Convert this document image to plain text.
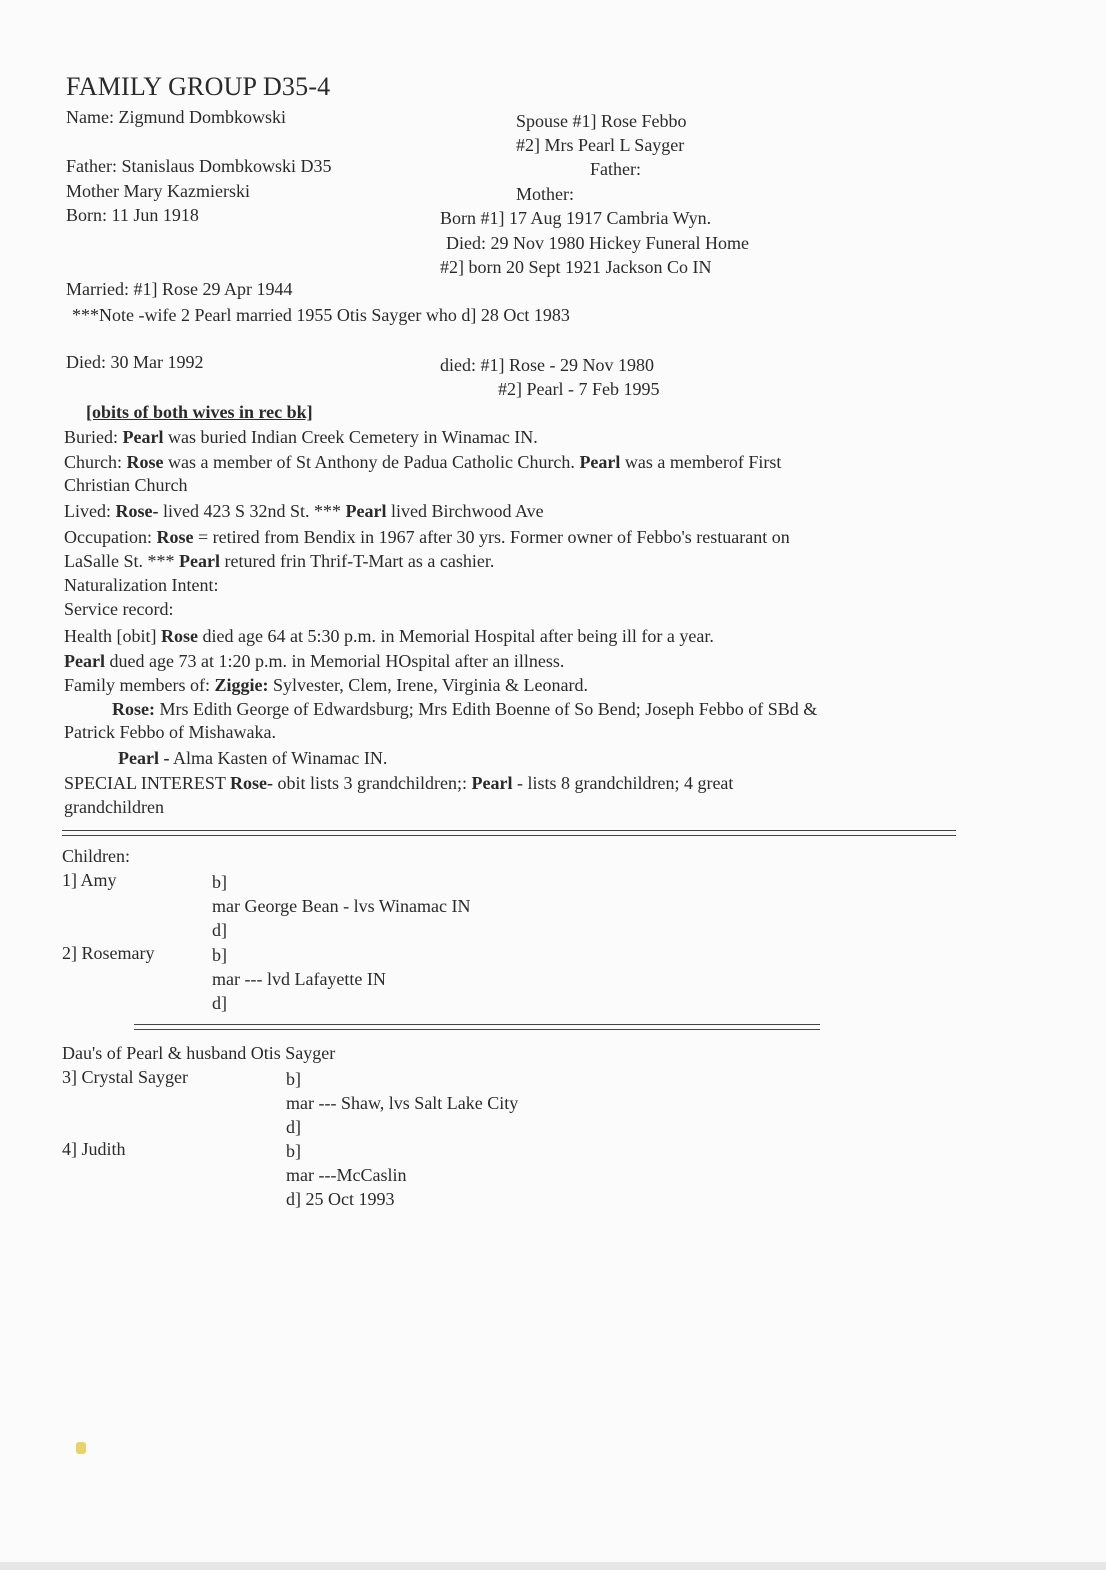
FAMILY GROUP D35-4
Name: Zigmund Dombkowski
Father: Stanislaus Dombkowski D35
Mother Mary Kazmierski
Born: 11 Jun 1918
Spouse #1] Rose Febbo
#2] Mrs Pearl L Sayger
Father:
Mother:
Born #1] 17 Aug 1917 Cambria Wyn.
Died: 29 Nov 1980 Hickey Funeral Home
#2] born 20 Sept 1921 Jackson Co IN
Married: #1] Rose 29 Apr 1944
***Note -wife 2 Pearl married 1955 Otis Sayger who d] 28 Oct 1983
Died: 30 Mar 1992	died: #1] Rose - 29 Nov 1980
#2] Pearl - 7 Feb 1995
[obits of both wives in rec bk]
Buried: Pearl was buried Indian Creek Cemetery in Winamac IN.
Church: Rose was a member of St Anthony de Padua Catholic Church. Pearl was a memberof First
Christian Church
Lived: Rose- lived 423 S 32nd St. *** Pearl lived Birchwood Ave
Occupation: Rose = retired from Bendix in 1967 after 30 yrs. Former owner of Febbo's restuarant on
LaSalle St. *** Pearl retured frin Thrif-T-Mart as a cashier.
Naturalization Intent:
Service record:
Health [obit] Rose died age 64 at 5:30 p.m. in Memorial Hospital after being ill for a year.
Pearl dued age 73 at 1:20 p.m. in Memorial HOspital after an illness.
Family members of: Ziggie: Sylvester, Clem, Irene, Virginia & Leonard.
Rose: Mrs Edith George of Edwardsburg; Mrs Edith Boenne of So Bend; Joseph Febbo of SBd &
Patrick Febbo of Mishawaka.
Pearl - Alma Kasten of Winamac IN.
SPECIAL INTEREST Rose- obit lists 3 grandchildren;: Pearl - lists 8 grandchildren; 4 great
grandchildren
Children:
1] Amy	b]
mar George Bean - lvs Winamac IN
d]
2] Rosemary	b]
mar --- lvd Lafayette IN
d]
Dau's of Pearl & husband Otis Sayger
3] Crystal Sayger	b]
mar --- Shaw, lvs Salt Lake City
d]
4] Judith	b]
mar ---McCaslin
d] 25 Oct 1993
